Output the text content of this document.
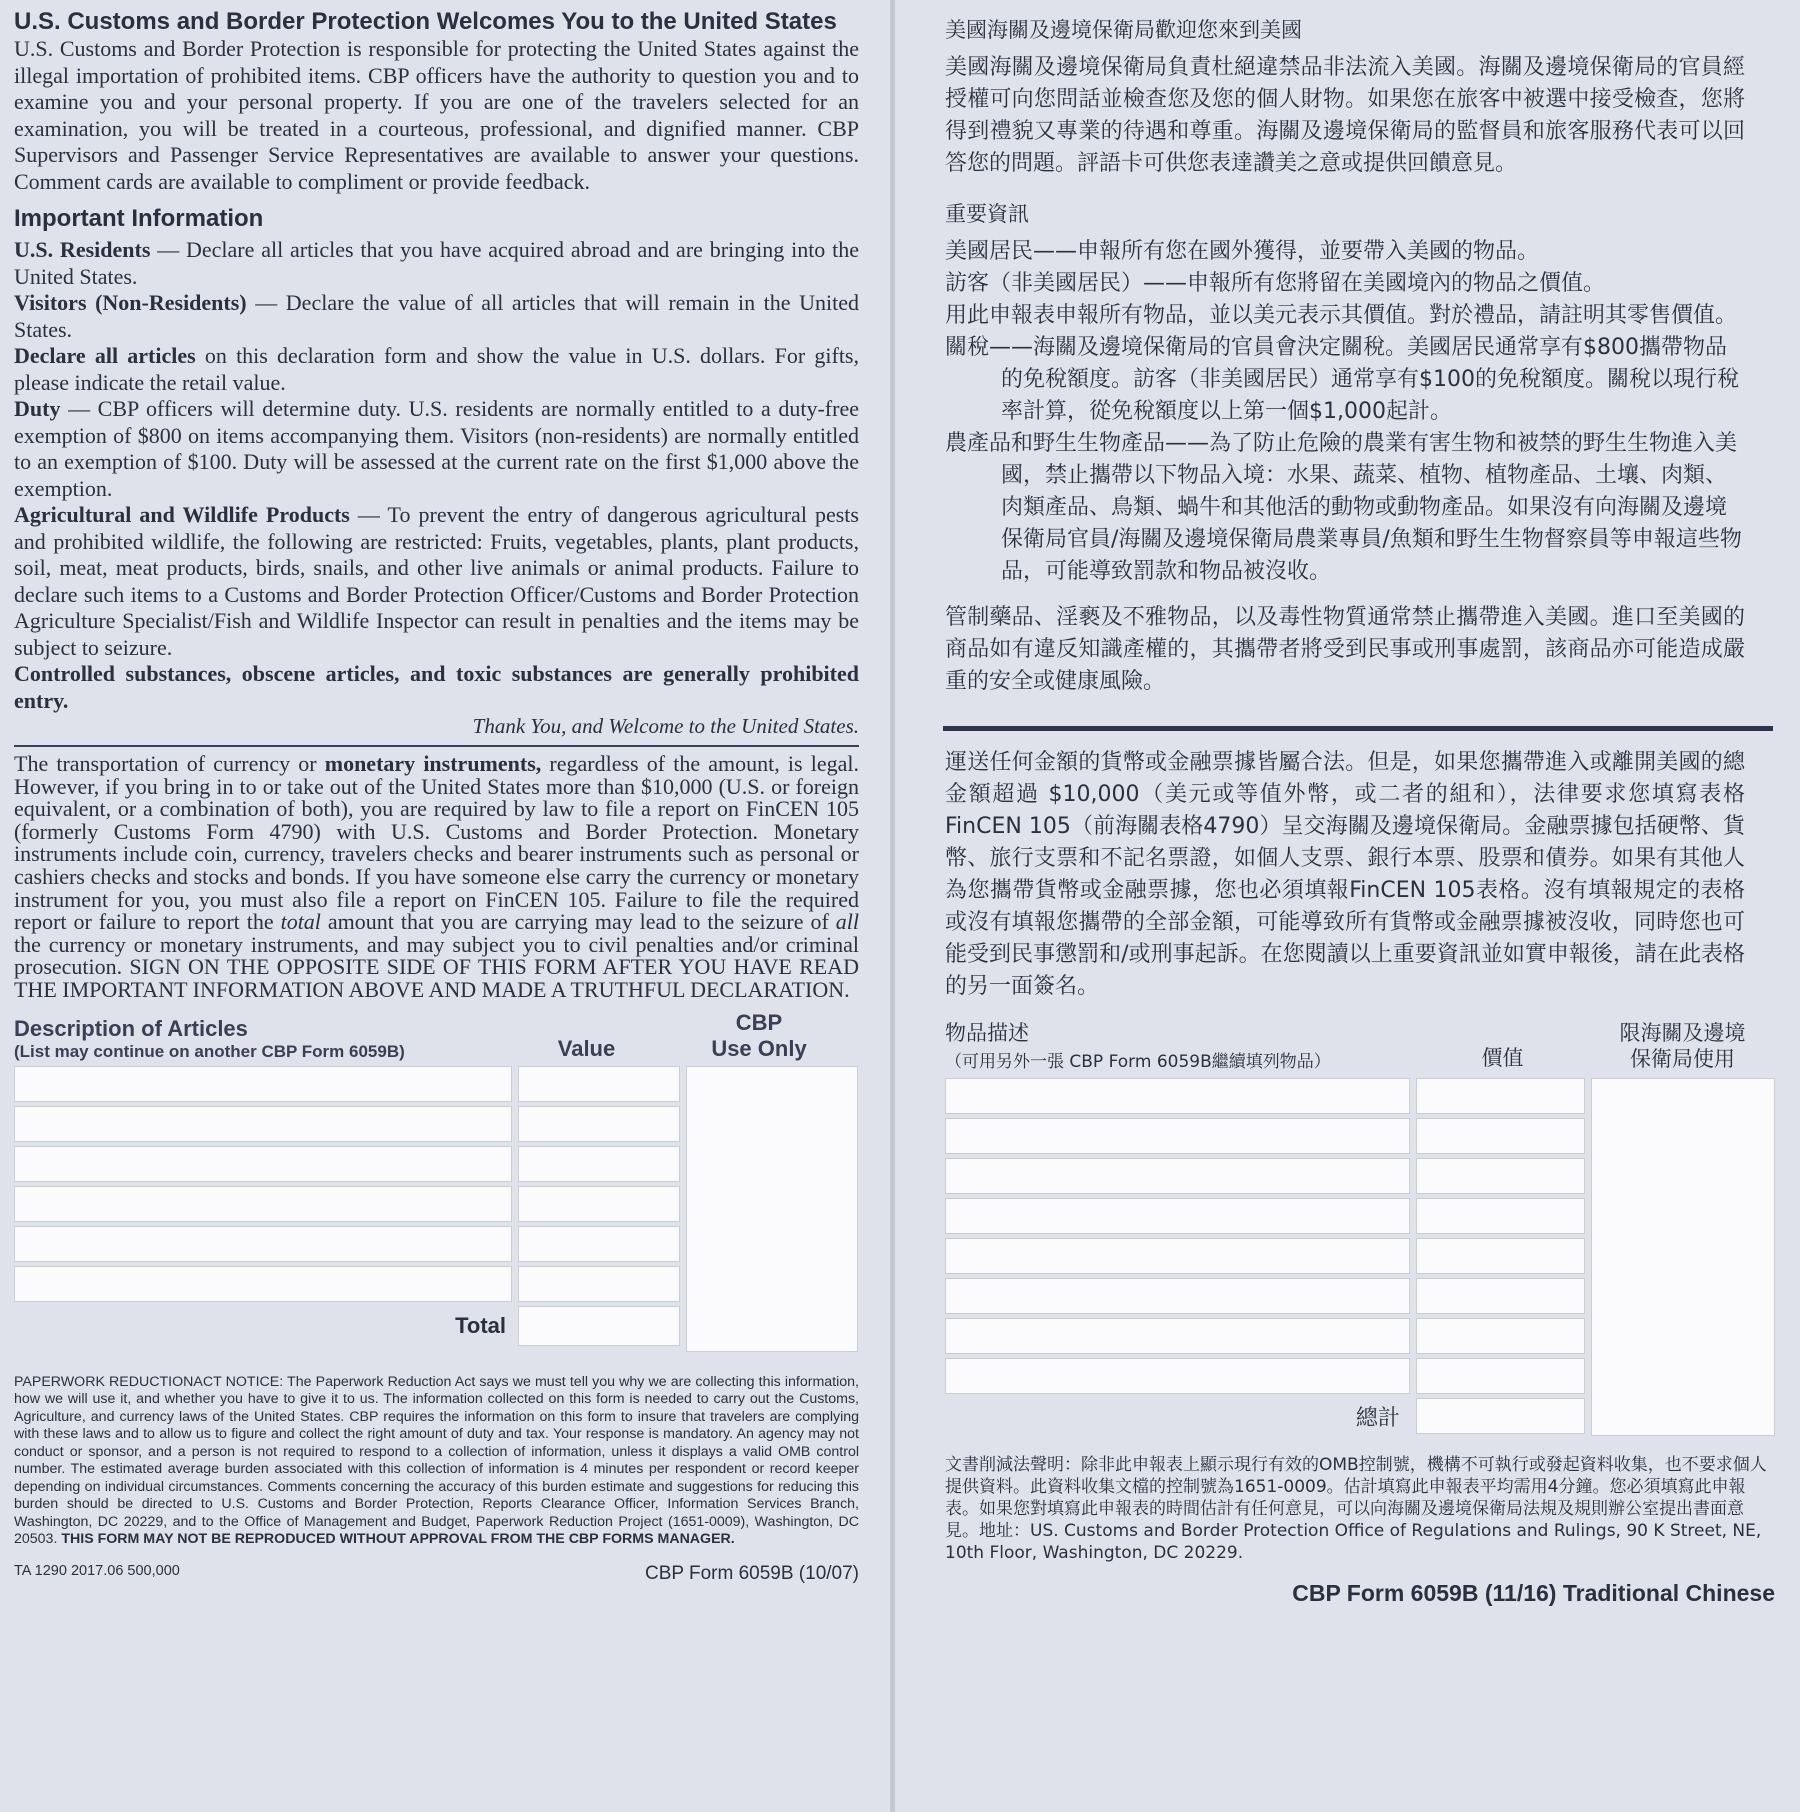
U.S. Customs and Border Protection Welcomes You to the United States

U.S. Customs and Border Protection is responsible for protecting the United States against the illegal importation of prohibited items. CBP officers have the authority to question you and to examine you and your personal property. If you are one of the travelers selected for an examination, you will be treated in a courteous, professional, and dignified manner. CBP Supervisors and Passenger Service Representatives are available to answer your questions. Comment cards are available to compliment or provide feedback.

Important Information

U.S. Residents — Declare all articles that you have acquired abroad and are bringing into the United States.

Visitors (Non-Residents) — Declare the value of all articles that will remain in the United States.

Declare all articles on this declaration form and show the value in U.S. dollars. For gifts, please indicate the retail value.

Duty — CBP officers will determine duty. U.S. residents are normally entitled to a duty-free exemption of $800 on items accompanying them. Visitors (non-residents) are normally entitled to an exemption of $100. Duty will be assessed at the current rate on the first $1,000 above the exemption.

Agricultural and Wildlife Products — To prevent the entry of dangerous agricultural pests and prohibited wildlife, the following are restricted: Fruits, vegetables, plants, plant products, soil, meat, meat products, birds, snails, and other live animals or animal products. Failure to declare such items to a Customs and Border Protection Officer/Customs and Border Protection Agriculture Specialist/Fish and Wildlife Inspector can result in penalties and the items may be subject to seizure.

Controlled substances, obscene articles, and toxic substances are generally prohibited entry.

Thank You, and Welcome to the United States.

The transportation of currency or monetary instruments, regardless of the amount, is legal. However, if you bring in to or take out of the United States more than $10,000 (U.S. or foreign equivalent, or a combination of both), you are required by law to file a report on FinCEN 105 (formerly Customs Form 4790) with U.S. Customs and Border Protection. Monetary instruments include coin, currency, travelers checks and bearer instruments such as personal or cashiers checks and stocks and bonds. If you have someone else carry the currency or monetary instrument for you, you must also file a report on FinCEN 105. Failure to file the required report or failure to report the total amount that you are carrying may lead to the seizure of all the currency or monetary instruments, and may subject you to civil penalties and/or criminal prosecution. SIGN ON THE OPPOSITE SIDE OF THIS FORM AFTER YOU HAVE READ THE IMPORTANT INFORMATION ABOVE AND MADE A TRUTHFUL DECLARATION.

Description of Articles
(List may continue on another CBP Form 6059B)	Value
CBP
Use Only
Total

PAPERWORK REDUCTIONACT NOTICE: The Paperwork Reduction Act says we must tell you why we are collecting this information, how we will use it, and whether you have to give it to us. The information collected on this form is needed to carry out the Customs, Agriculture, and currency laws of the United States. CBP requires the information on this form to insure that travelers are complying with these laws and to allow us to figure and collect the right amount of duty and tax. Your response is mandatory. An agency may not conduct or sponsor, and a person is not required to respond to a collection of information, unless it displays a valid OMB control number. The estimated average burden associated with this collection of information is 4 minutes per respondent or record keeper depending on individual circumstances. Comments concerning the accuracy of this burden estimate and suggestions for reducing this burden should be directed to U.S. Customs and Border Protection, Reports Clearance Officer, Information Services Branch, Washington, DC 20229, and to the Office of Management and Budget, Paperwork Reduction Project (1651-0009), Washington, DC 20503. THIS FORM MAY NOT BE REPRODUCED WITHOUT APPROVAL FROM THE CBP FORMS MANAGER.

TA 1290 2017.06 500,000	CBP Form 6059B (10/07)

美國海關及邊境保衛局歡迎您來到美國

美國海關及邊境保衛局負責杜絕違禁品非法流入美國。海關及邊境保衛局的官員經授權可向您問話並檢查您及您的個人財物。如果您在旅客中被選中接受檢查，您將得到禮貌又專業的待遇和尊重。海關及邊境保衛局的監督員和旅客服務代表可以回答您的問題。評語卡可供您表達讚美之意或提供回饋意見。

重要資訊

美國居民——申報所有您在國外獲得，並要帶入美國的物品。

訪客（非美國居民）——申報所有您將留在美國境內的物品之價值。

用此申報表申報所有物品，並以美元表示其價值。對於禮品，請註明其零售價值。

關稅——海關及邊境保衛局的官員會決定關稅。美國居民通常享有$800攜帶物品的免稅額度。訪客（非美國居民）通常享有$100的免稅額度。關稅以現行稅率計算，從免稅額度以上第一個$1,000起計。

農產品和野生生物產品——為了防止危險的農業有害生物和被禁的野生生物進入美國，禁止攜帶以下物品入境：水果、蔬菜、植物、植物產品、土壤、肉類、肉類產品、鳥類、蝸牛和其他活的動物或動物產品。如果沒有向海關及邊境保衛局官員/海關及邊境保衛局農業專員/魚類和野生生物督察員等申報這些物品，可能導致罰款和物品被沒收。

管制藥品、淫褻及不雅物品，以及毒性物質通常禁止攜帶進入美國。進口至美國的商品如有違反知識產權的，其攜帶者將受到民事或刑事處罰，該商品亦可能造成嚴重的安全或健康風險。

運送任何金額的貨幣或金融票據皆屬合法。但是，如果您攜帶進入或離開美國的總金額超過 $10,000（美元或等值外幣，或二者的組和），法律要求您填寫表格FinCEN 105（前海關表格4790）呈交海關及邊境保衛局。金融票據包括硬幣、貨幣、旅行支票和不記名票證，如個人支票、銀行本票、股票和債券。如果有其他人為您攜帶貨幣或金融票據，您也必須填報FinCEN 105表格。沒有填報規定的表格或沒有填報您攜帶的全部金額，可能導致所有貨幣或金融票據被沒收，同時您也可能受到民事懲罰和/或刑事起訴。在您閱讀以上重要資訊並如實申報後，請在此表格的另一面簽名。

物品描述
（可用另外一張 CBP Form 6059B繼續填列物品）	價值
限海關及邊境
保衛局使用
總計

文書削減法聲明：除非此申報表上顯示現行有效的OMB控制號，機構不可執行或發起資料收集，也不要求個人提供資料。此資料收集文檔的控制號為1651-0009。估計填寫此申報表平均需用4分鐘。您必須填寫此申報表。如果您對填寫此申報表的時間估計有任何意見，可以向海關及邊境保衛局法規及規則辦公室提出書面意見。地址：US. Customs and Border Protection Office of Regulations and Rulings, 90 K Street, NE, 10th Floor, Washington, DC 20229.

CBP Form 6059B (11/16) Traditional Chinese
